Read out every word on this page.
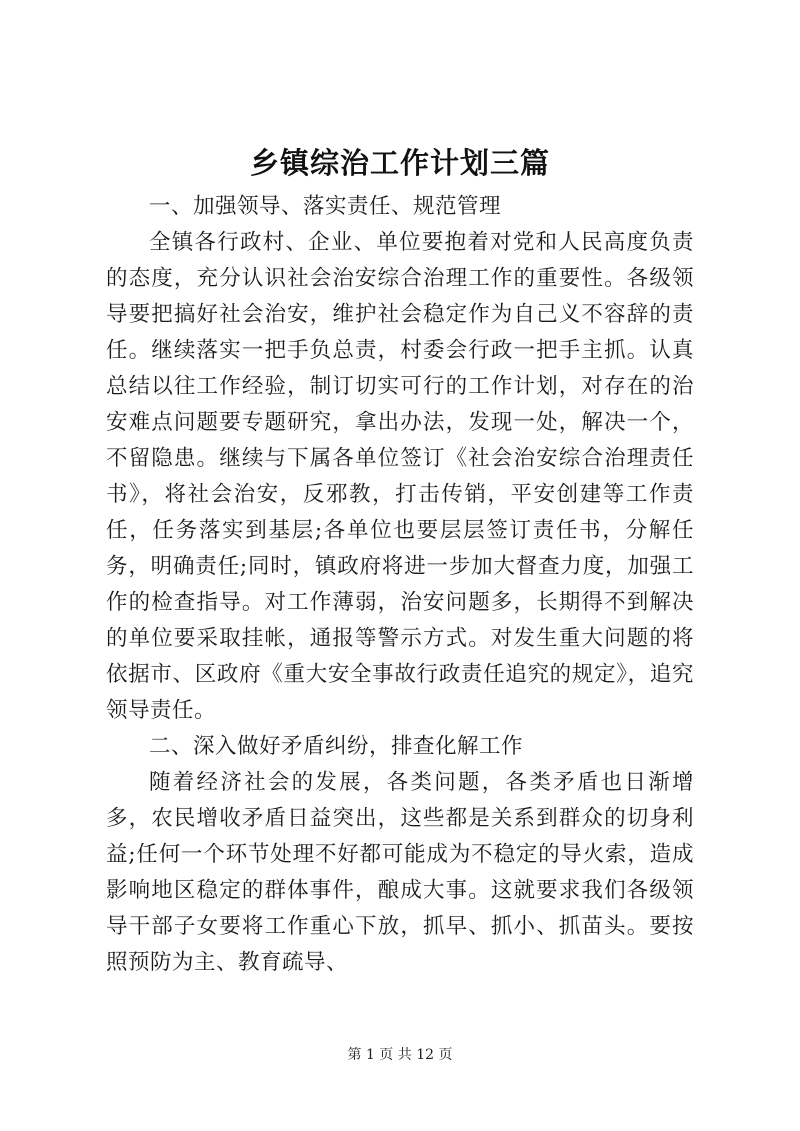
乡镇综治工作计划三篇

一、加强领导、落实责任、规范管理

全镇各行政村、企业、单位要抱着对党和人民高度负责的态度，充分认识社会治安综合治理工作的重要性。各级领导要把搞好社会治安，维护社会稳定作为自己义不容辞的责任。继续落实一把手负总责，村委会行政一把手主抓。认真总结以往工作经验，制订切实可行的工作计划，对存在的治安难点问题要专题研究，拿出办法，发现一处，解决一个，不留隐患。继续与下属各单位签订《社会治安综合治理责任书》，将社会治安，反邪教，打击传销，平安创建等工作责任，任务落实到基层;各单位也要层层签订责任书，分解任务，明确责任;同时，镇政府将进一步加大督查力度，加强工作的检查指导。对工作薄弱，治安问题多，长期得不到解决的单位要采取挂帐，通报等警示方式。对发生重大问题的将依据市、区政府《重大安全事故行政责任追究的规定》，追究领导责任。

二、深入做好矛盾纠纷，排查化解工作

随着经济社会的发展，各类问题，各类矛盾也日渐增多，农民增收矛盾日益突出，这些都是关系到群众的切身利益;任何一个环节处理不好都可能成为不稳定的导火索，造成影响地区稳定的群体事件，酿成大事。这就要求我们各级领导干部子女要将工作重心下放，抓早、抓小、抓苗头。要按照预防为主、教育疏导、

第 1 页 共 12 页
